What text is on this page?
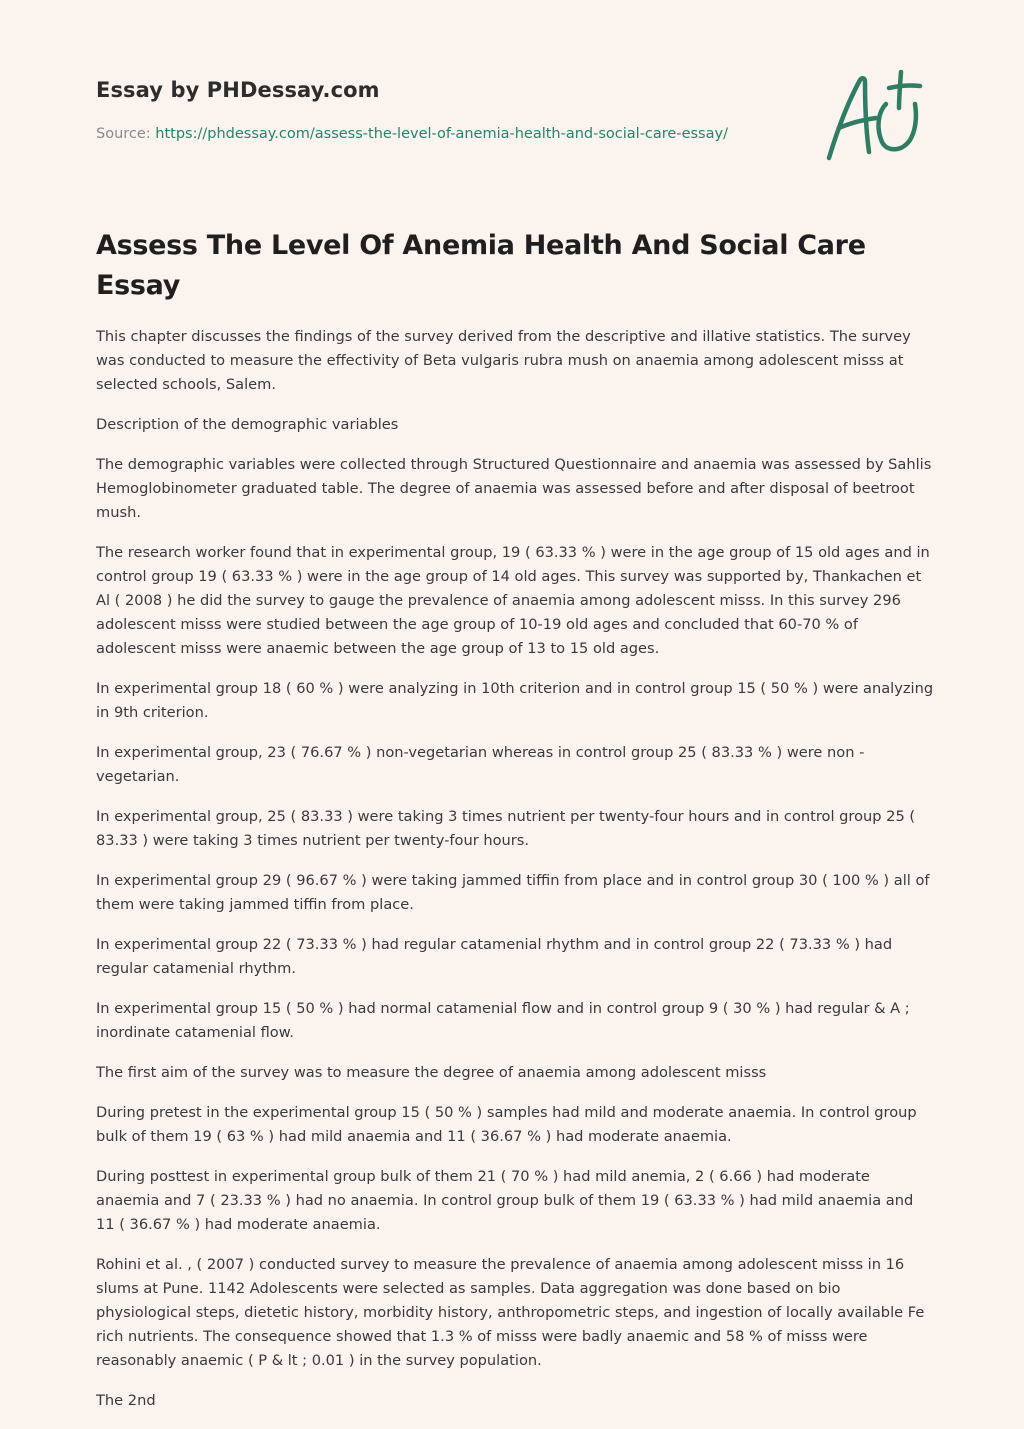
Essay by PHDessay.com
Source: https://phdessay.com/assess-the-level-of-anemia-health-and-social-care-essay/
Assess The Level Of Anemia Health And Social Care Essay

This chapter discusses the findings of the survey derived from the descriptive and illative statistics. The survey was conducted to measure the effectivity of Beta vulgaris rubra mush on anaemia among adolescent misss at selected schools, Salem.

Description of the demographic variables

The demographic variables were collected through Structured Questionnaire and anaemia was assessed by Sahlis Hemoglobinometer graduated table. The degree of anaemia was assessed before and after disposal of beetroot mush.

The research worker found that in experimental group, 19 ( 63.33 % ) were in the age group of 15 old ages and in control group 19 ( 63.33 % ) were in the age group of 14 old ages. This survey was supported by, Thankachen et Al ( 2008 ) he did the survey to gauge the prevalence of anaemia among adolescent misss. In this survey 296 adolescent misss were studied between the age group of 10-19 old ages and concluded that 60-70 % of adolescent misss were anaemic between the age group of 13 to 15 old ages.

In experimental group 18 ( 60 % ) were analyzing in 10th criterion and in control group 15 ( 50 % ) were analyzing in 9th criterion.

In experimental group, 23 ( 76.67 % ) non-vegetarian whereas in control group 25 ( 83.33 % ) were non -vegetarian.

In experimental group, 25 ( 83.33 ) were taking 3 times nutrient per twenty-four hours and in control group 25 ( 83.33 ) were taking 3 times nutrient per twenty-four hours.

In experimental group 29 ( 96.67 % ) were taking jammed tiffin from place and in control group 30 ( 100 % ) all of them were taking jammed tiffin from place.

In experimental group 22 ( 73.33 % ) had regular catamenial rhythm and in control group 22 ( 73.33 % ) had regular catamenial rhythm.

In experimental group 15 ( 50 % ) had normal catamenial flow and in control group 9 ( 30 % ) had regular & A ; inordinate catamenial flow.

The first aim of the survey was to measure the degree of anaemia among adolescent misss

During pretest in the experimental group 15 ( 50 % ) samples had mild and moderate anaemia. In control group bulk of them 19 ( 63 % ) had mild anaemia and 11 ( 36.67 % ) had moderate anaemia.

During posttest in experimental group bulk of them 21 ( 70 % ) had mild anemia, 2 ( 6.66 ) had moderate anaemia and 7 ( 23.33 % ) had no anaemia. In control group bulk of them 19 ( 63.33 % ) had mild anaemia and 11 ( 36.67 % ) had moderate anaemia.

Rohini et al. , ( 2007 ) conducted survey to measure the prevalence of anaemia among adolescent misss in 16 slums at Pune. 1142 Adolescents were selected as samples. Data aggregation was done based on bio physiological steps, dietetic history, morbidity history, anthropometric steps, and ingestion of locally available Fe rich nutrients. The consequence showed that 1.3 % of misss were badly anaemic and 58 % of misss were reasonably anaemic ( P & lt ; 0.01 ) in the survey population.

The 2nd
